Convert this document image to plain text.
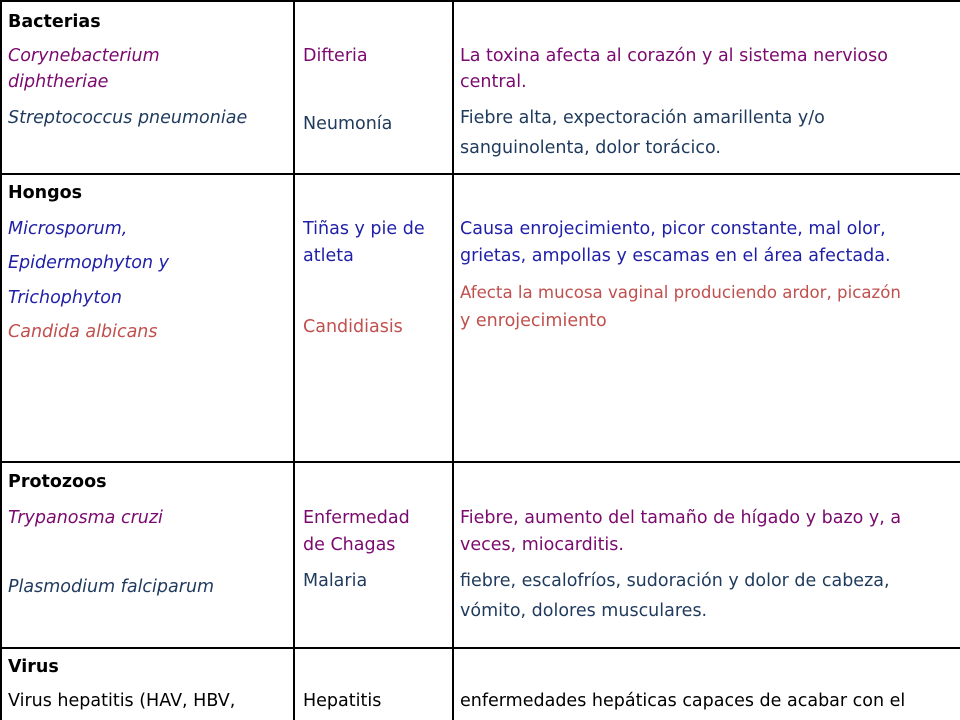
Bacterias
Corynebacterium
diphtheriae
Streptococcus pneumoniae
Difteria
Neumonía
La toxina afecta al corazón y al sistema nervioso
central.
Fiebre alta, expectoración amarillenta y/o
sanguinolenta, dolor torácico.
Hongos
Microsporum,
Epidermophyton y
Trichophyton
Candida albicans
Tiñas y pie de
atleta
Candidiasis
Causa enrojecimiento, picor constante, mal olor,
grietas, ampollas y escamas en el área afectada.
Afecta la mucosa vaginal produciendo ardor, picazón
y enrojecimiento
Protozoos
Trypanosma cruzi
Plasmodium falciparum
Enfermedad
de Chagas
Malaria
Fiebre, aumento del tamaño de hígado y bazo y, a
veces, miocarditis.
fiebre, escalofríos, sudoración y dolor de cabeza,
vómito, dolores musculares.
Virus
Virus hepatitis (HAV, HBV,	Hepatitis	enfermedades hepáticas capaces de acabar con el
